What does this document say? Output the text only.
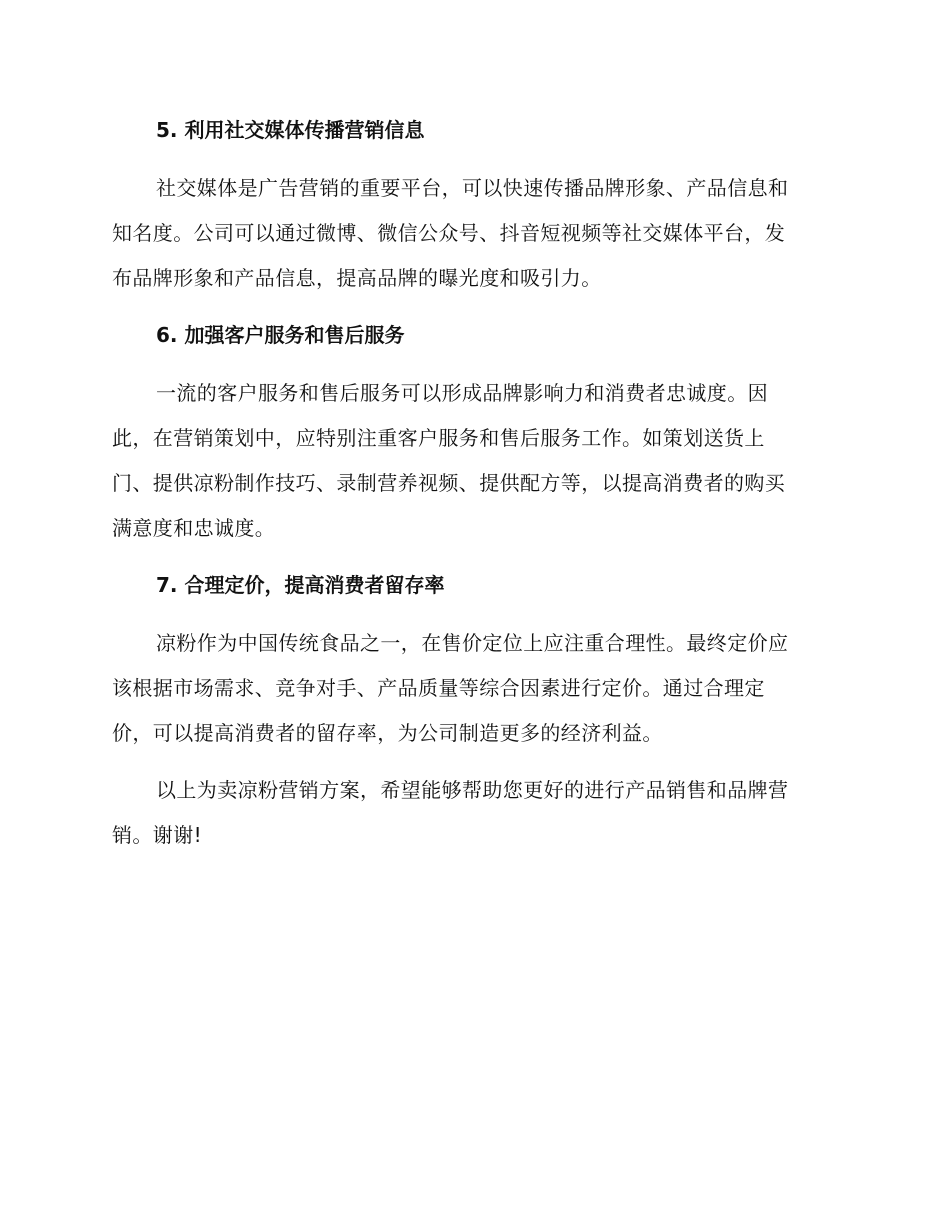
5. 利用社交媒体传播营销信息
社交媒体是广告营销的重要平台，可以快速传播品牌形象、产品信息和
知名度。公司可以通过微博、微信公众号、抖音短视频等社交媒体平台，发
布品牌形象和产品信息，提高品牌的曝光度和吸引力。
6. 加强客户服务和售后服务
一流的客户服务和售后服务可以形成品牌影响力和消费者忠诚度。因
此，在营销策划中，应特别注重客户服务和售后服务工作。如策划送货上
门、提供凉粉制作技巧、录制营养视频、提供配方等，以提高消费者的购买
满意度和忠诚度。
7. 合理定价，提高消费者留存率
凉粉作为中国传统食品之一，在售价定位上应注重合理性。最终定价应
该根据市场需求、竞争对手、产品质量等综合因素进行定价。通过合理定
价，可以提高消费者的留存率，为公司制造更多的经济利益。
以上为卖凉粉营销方案，希望能够帮助您更好的进行产品销售和品牌营
销。谢谢!
